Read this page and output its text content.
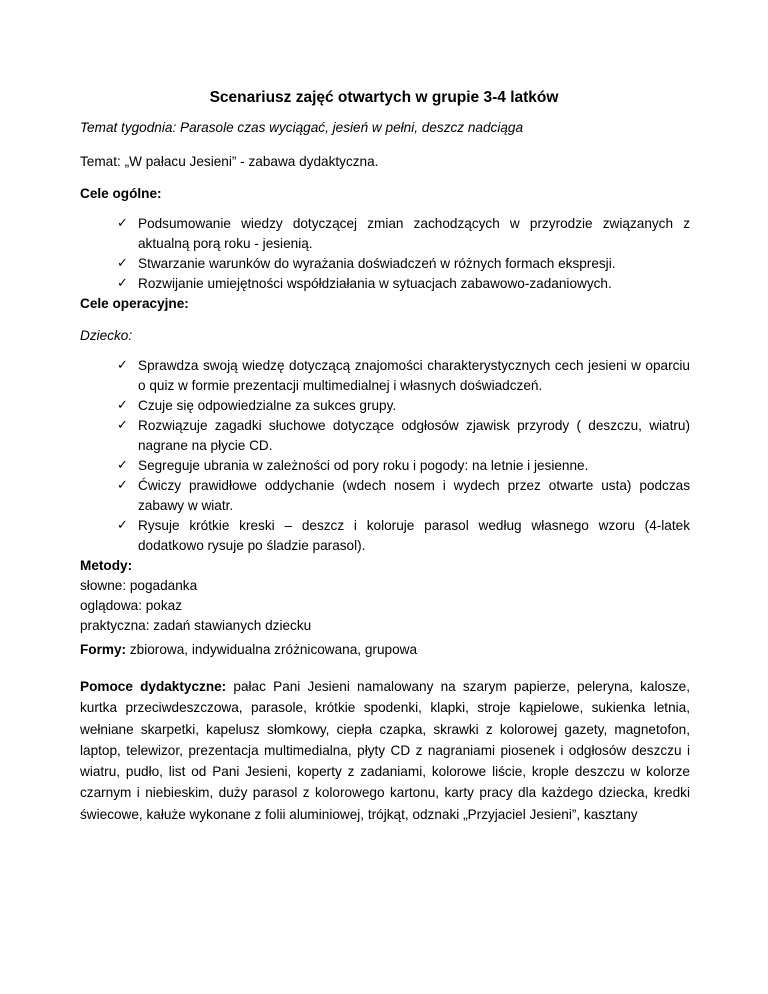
Scenariusz zajęć otwartych w grupie 3-4 latków
Temat tygodnia: Parasole czas wyciągać, jesień w pełni, deszcz nadciąga
Temat: „W pałacu Jesieni” - zabawa dydaktyczna.
Cele ogólne:
✓ Podsumowanie wiedzy dotyczącej zmian zachodzących w przyrodzie związanych z aktualną porą roku - jesienią.
✓ Stwarzanie warunków do wyrażania doświadczeń w różnych formach ekspresji.
✓ Rozwijanie umiejętności współdziałania w sytuacjach zabawowo-zadaniowych.
Cele operacyjne:
Dziecko:
✓ Sprawdza swoją wiedzę dotyczącą znajomości charakterystycznych cech jesieni w oparciu o quiz w formie prezentacji multimedialnej i własnych doświadczeń.
✓ Czuje się odpowiedzialne za sukces grupy.
✓ Rozwiązuje zagadki słuchowe dotyczące odgłosów zjawisk przyrody ( deszczu, wiatru) nagrane na płycie CD.
✓ Segreguje ubrania w zależności od pory roku i pogody: na letnie i jesienne.
✓ Ćwiczy prawidłowe oddychanie (wdech nosem i wydech przez otwarte usta) podczas zabawy w wiatr.
✓ Rysuje krótkie kreski – deszcz i koloruje parasol według własnego wzoru (4-latek dodatkowo rysuje po śladzie parasol).
Metody:
słowne: pogadanka
oglądowa: pokaz
praktyczna: zadań stawianych dziecku
Formy: zbiorowa, indywidualna zróżnicowana, grupowa
Pomoce dydaktyczne: pałac Pani Jesieni namalowany na szarym papierze, peleryna, kalosze, kurtka przeciwdeszczowa, parasole, krótkie spodenki, klapki, stroje kąpielowe, sukienka letnia, wełniane skarpetki, kapelusz słomkowy, ciepła czapka, skrawki z kolorowej gazety, magnetofon, laptop, telewizor, prezentacja multimedialna, płyty CD z nagraniami piosenek i odgłosów deszczu i wiatru, pudło, list od Pani Jesieni, koperty z zadaniami, kolorowe liście, krople deszczu w kolorze czarnym i niebieskim, duży parasol z kolorowego kartonu, karty pracy dla każdego dziecka, kredki świecowe, kałuże wykonane z folii aluminiowej, trójkąt, odznaki „Przyjaciel Jesieni”, kasztany
